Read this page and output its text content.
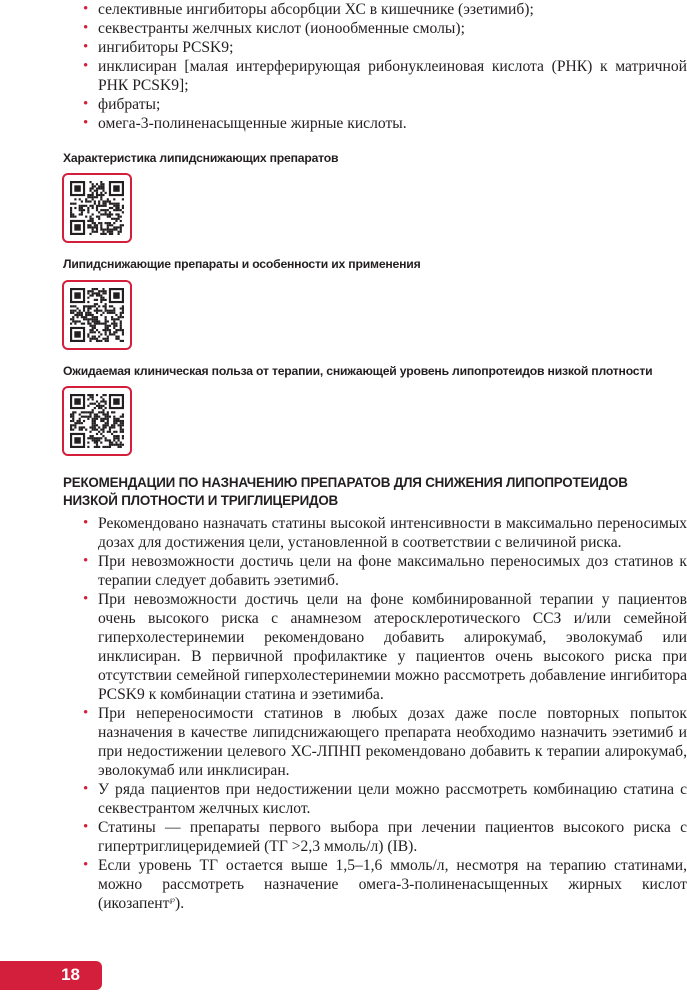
• селективные ингибиторы абсорбции ХС в кишечнике (эзетимиб);
• секвестранты желчных кислот (ионообменные смолы);
• ингибиторы PCSK9;
• инклисиран [малая интерферирующая рибонуклеиновая кислота (РНК) к матричной РНК PCSK9];
• фибраты;
• омега-3-полиненасыщенные жирные кислоты.
Характеристика липидснижающих препаратов
Липидснижающие препараты и особенности их применения
Ожидаемая клиническая польза от терапии, снижающей уровень липопротеидов низкой плотности
РЕКОМЕНДАЦИИ ПО НАЗНАЧЕНИЮ ПРЕПАРАТОВ ДЛЯ СНИЖЕНИЯ ЛИПОПРОТЕИДОВ НИЗКОЙ ПЛОТНОСТИ И ТРИГЛИЦЕРИДОВ
• Рекомендовано назначать статины высокой интенсивности в максимально переносимых дозах для достижения цели, установленной в соответствии с величиной риска.
• При невозможности достичь цели на фоне максимально переносимых доз статинов к терапии следует добавить эзетимиб.
• При невозможности достичь цели на фоне комбинированной терапии у пациентов очень высокого риска с анамнезом атеросклеротического ССЗ и/или семейной гиперхолестеринемии рекомендовано добавить алирокумаб, эволокумаб или инклисиран. В первичной профилактике у пациентов очень высокого риска при отсутствии семейной гиперхолестеринемии можно рассмотреть добавление ингибитора PCSK9 к комбинации статина и эзетимиба.
• При непереносимости статинов в любых дозах даже после повторных попыток назначения в качестве липидснижающего препарата необходимо назначить эзетимиб и при недостижении целевого ХС-ЛПНП рекомендовано добавить к терапии алирокумаб, эволокумаб или инклисиран.
• У ряда пациентов при недостижении цели можно рассмотреть комбинацию статина с секвестрантом желчных кислот.
• Статины — препараты первого выбора при лечении пациентов высокого риска с гипертриглицеридемией (ТГ >2,3 ммоль/л) (IB).
• Если уровень ТГ остается выше 1,5–1,6 ммоль/л, несмотря на терапию статинами, можно рассмотреть назначение омега-3-полиненасыщенных жирных кислот (икозапент℘).
18
